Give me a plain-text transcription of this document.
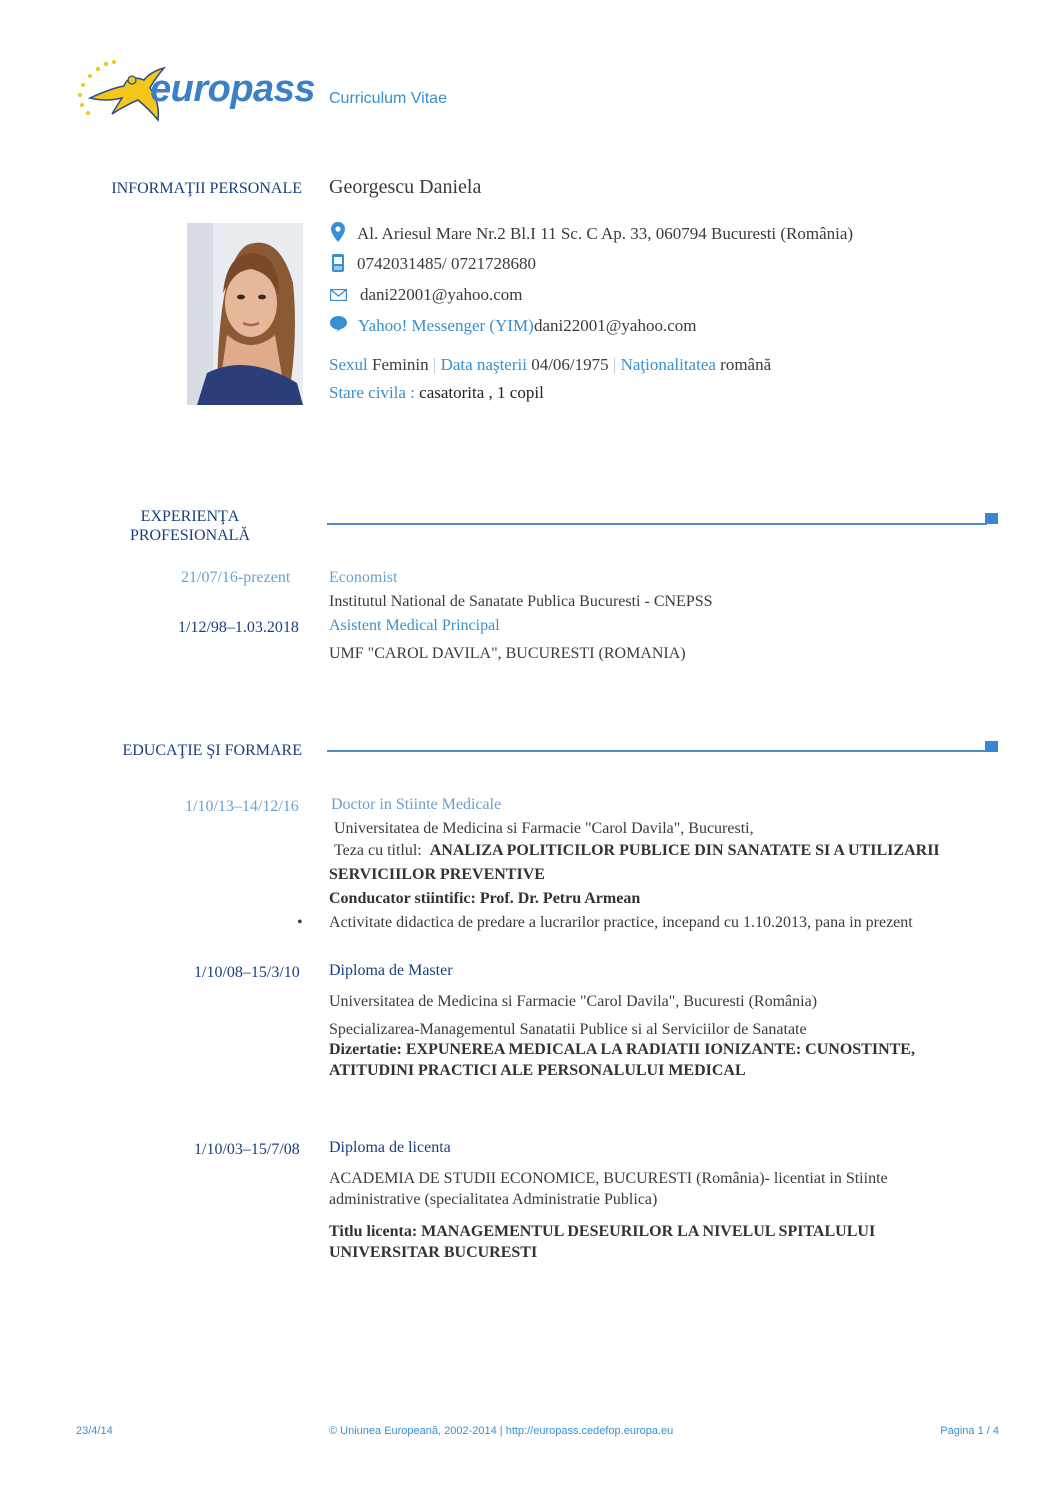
europass Curriculum Vitae
INFORMAŢII PERSONALE Georgescu Daniela
Al. Ariesul Mare Nr.2 Bl.I 11 Sc. C Ap. 33, 060794 Bucuresti (România)
0742031485/ 0721728680
dani22001@yahoo.com
Yahoo! Messenger (YIM) dani22001@yahoo.com
Sexul Feminin | Data naşterii 04/06/1975 | Naţionalitatea română
Stare civila : casatorita , 1 copil
EXPERIENŢA
PROFESIONALĂ
21/07/16-prezent Economist
Institutul National de Sanatate Publica Bucuresti - CNEPSS
1/12/98–1.03.2018 Asistent Medical Principal
UMF "CAROL DAVILA", BUCURESTI (ROMANIA)
EDUCAŢIE ŞI FORMARE
1/10/13–14/12/16 Doctor in Stiinte Medicale
Universitatea de Medicina si Farmacie "Carol Davila", Bucuresti,
Teza cu titlul: ANALIZA POLITICILOR PUBLICE DIN SANATATE SI A UTILIZARII
SERVICIILOR PREVENTIVE
Conducator stiintific: Prof. Dr. Petru Armean
• Activitate didactica de predare a lucrarilor practice, incepand cu 1.10.2013, pana in prezent
1/10/08–15/3/10 Diploma de Master
Universitatea de Medicina si Farmacie "Carol Davila", Bucuresti (România)
Specializarea-Managementul Sanatatii Publice si al Serviciilor de Sanatate
Dizertatie: EXPUNEREA MEDICALA LA RADIATII IONIZANTE: CUNOSTINTE,
ATITUDINI PRACTICI ALE PERSONALULUI MEDICAL
1/10/03–15/7/08 Diploma de licenta
ACADEMIA DE STUDII ECONOMICE, BUCURESTI (România)- licentiat in Stiinte
administrative (specialitatea Administratie Publica)
Titlu licenta: MANAGEMENTUL DESEURILOR LA NIVELUL SPITALULUI
UNIVERSITAR BUCURESTI
23/4/14	© Uniunea Europeană, 2002-2014 | http://europass.cedefop.europa.eu	Pagina 1 / 4
